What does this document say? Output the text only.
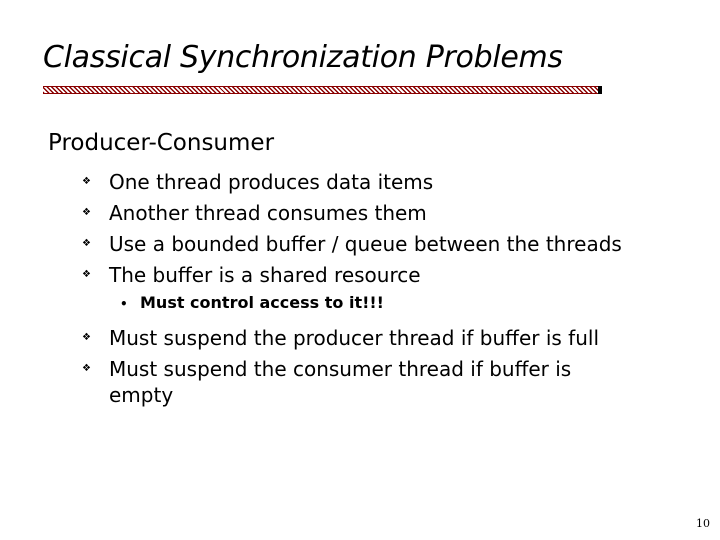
Classical Synchronization Problems
Producer-Consumer
❖ One thread produces data items
❖ Another thread consumes them
❖ Use a bounded buffer / queue between the threads
❖ The buffer is a shared resource
• Must control access to it!!!
❖ Must suspend the producer thread if buffer is full
❖ Must suspend the consumer thread if buffer is
empty
10
